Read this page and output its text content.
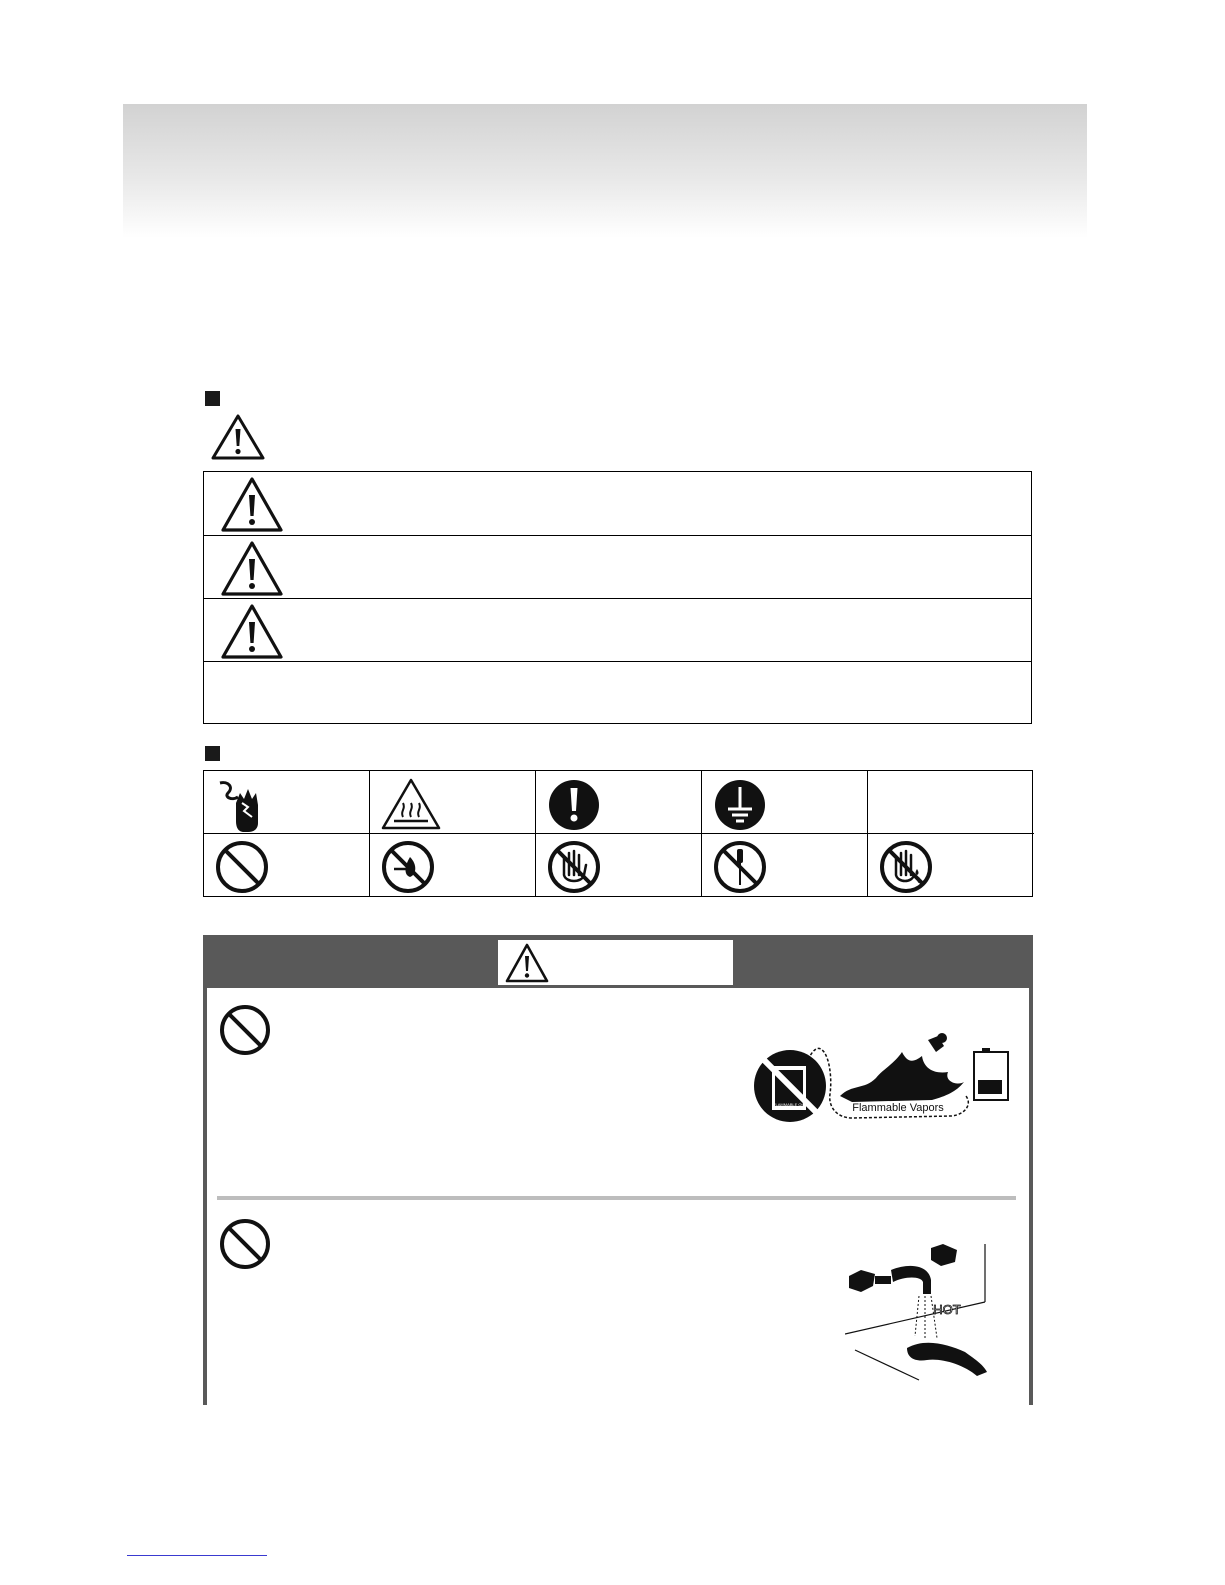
FLAMMABLE OIL	Flammable Vapors
HOT
